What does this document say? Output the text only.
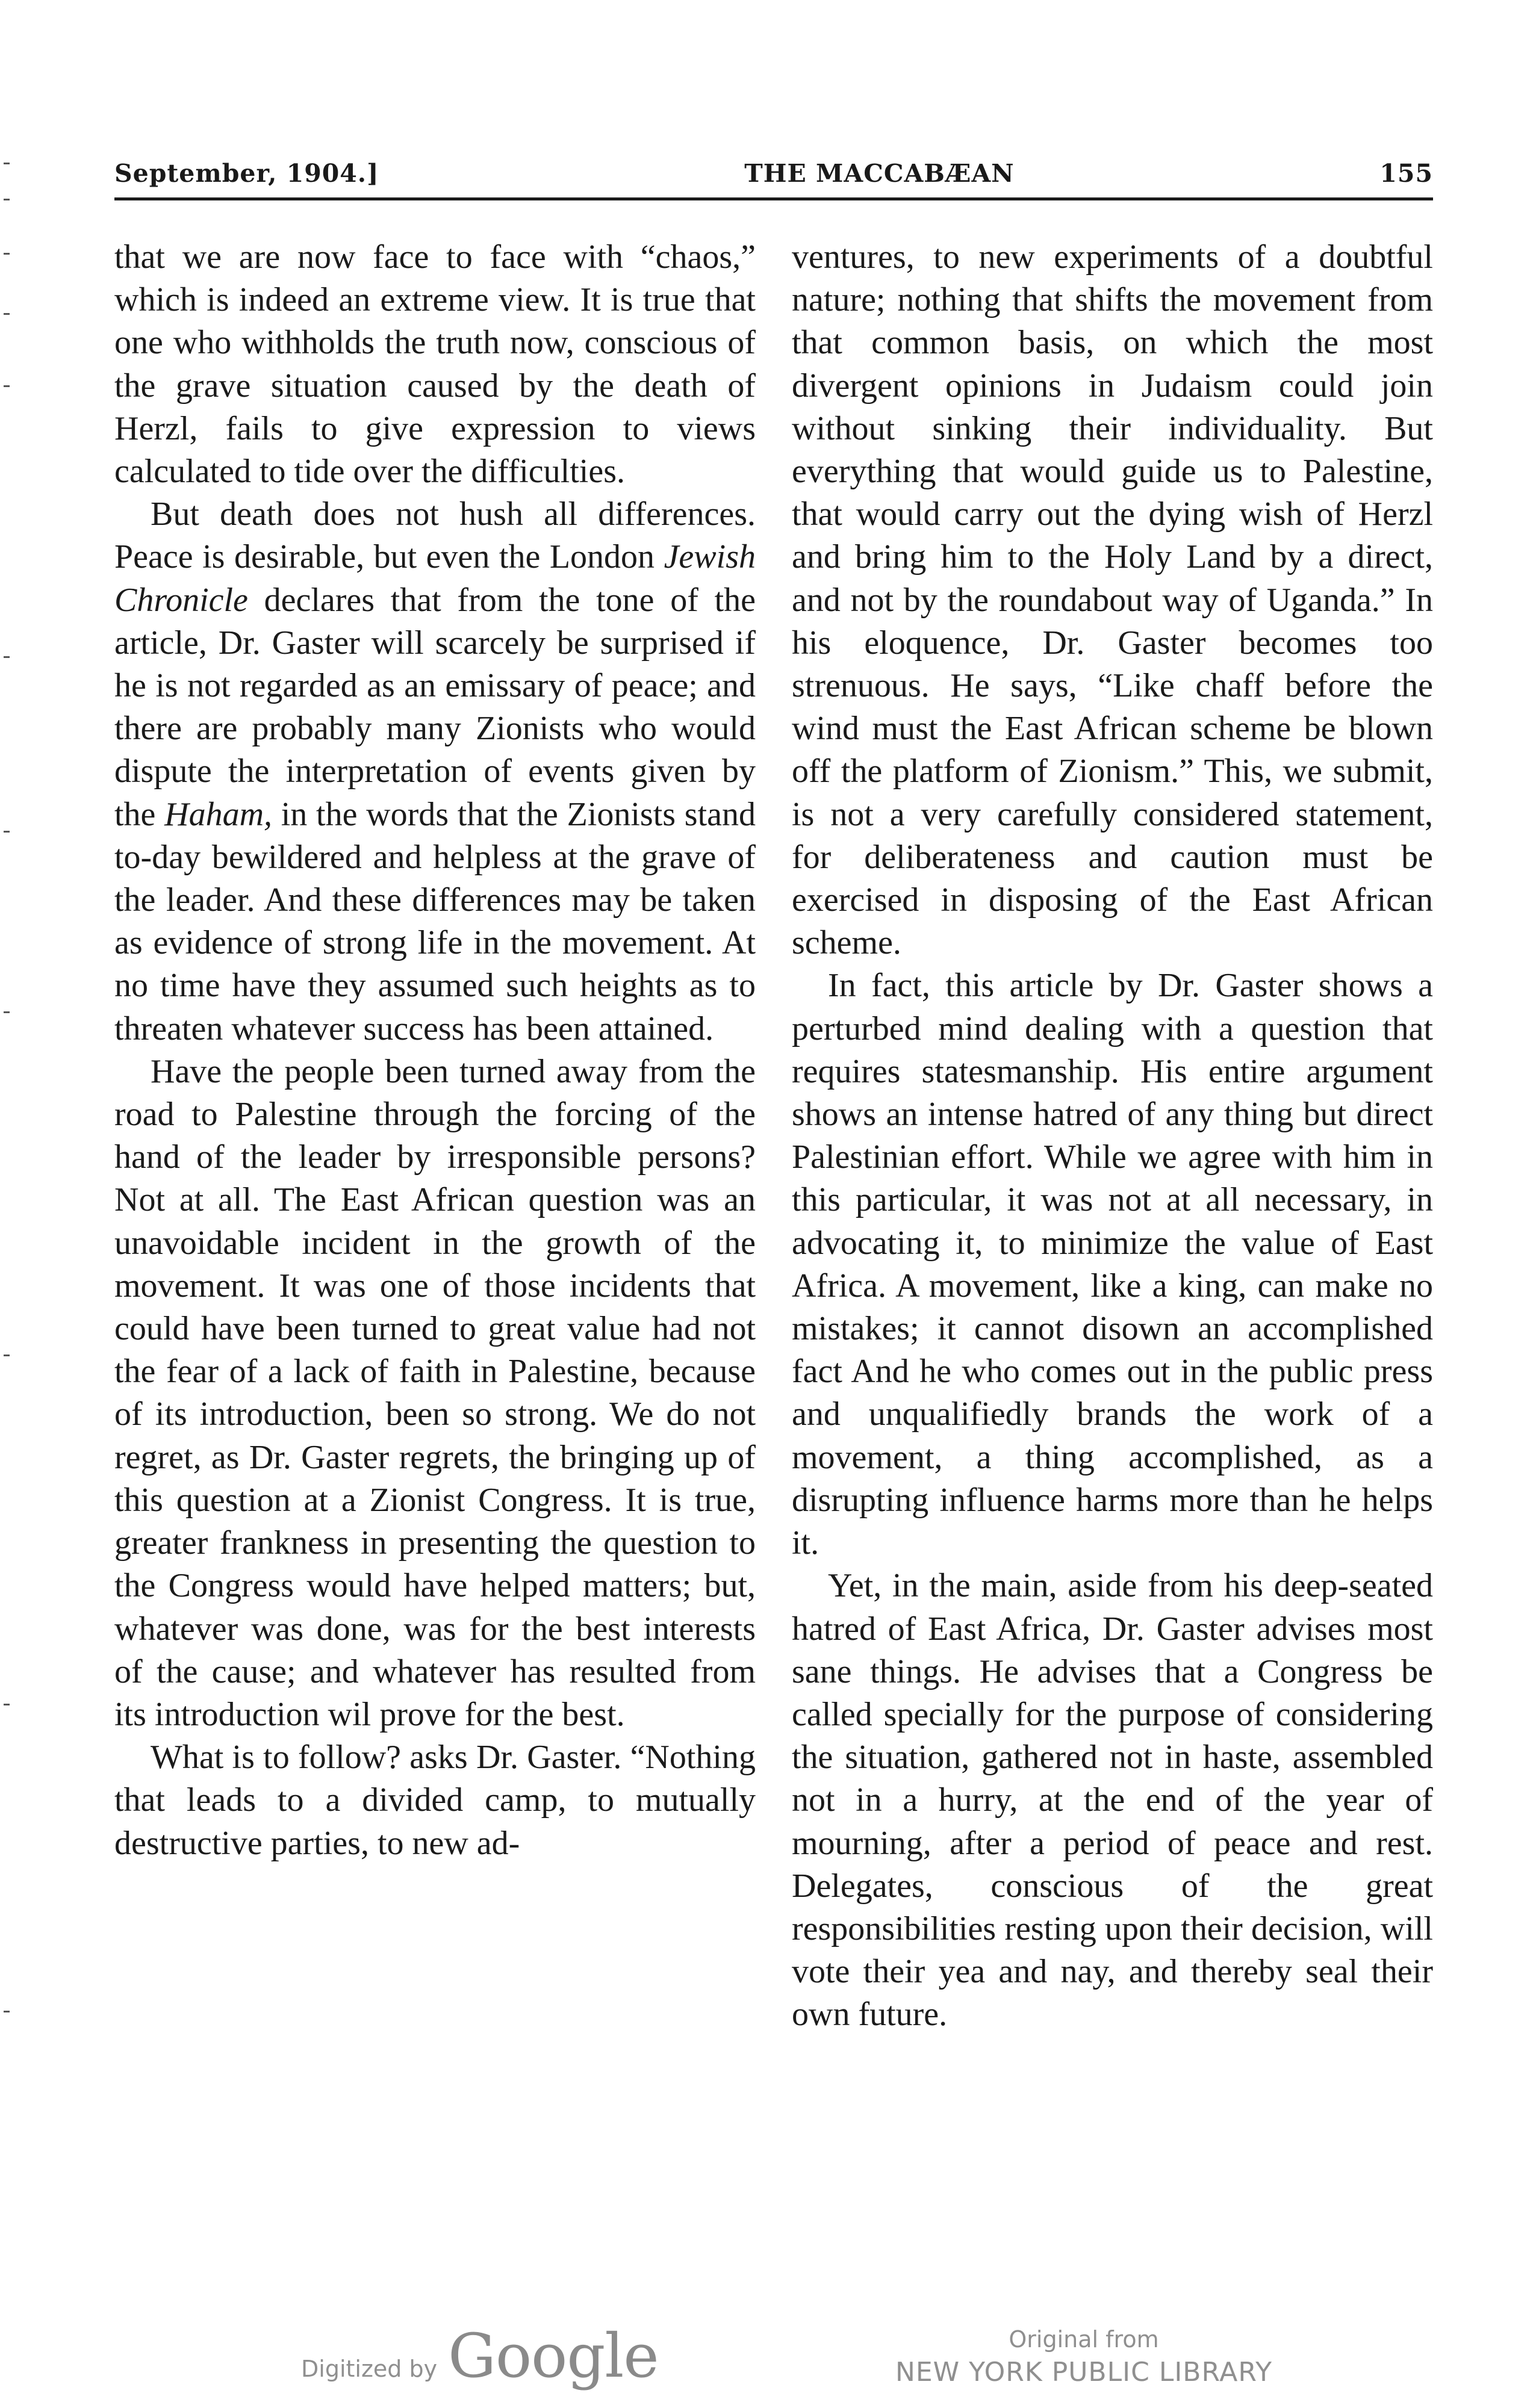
September, 1904.]	THE MACCABÆAN	155

that we are now face to face with “chaos,” which is indeed an extreme view. It is true that one who withholds the truth now, conscious of the grave situation caused by the death of Herzl, fails to give expression to views calculated to tide over the difficulties.

But death does not hush all differences. Peace is desirable, but even the London Jewish Chronicle declares that from the tone of the article, Dr. Gaster will scarcely be surprised if he is not regarded as an emissary of peace; and there are probably many Zionists who would dispute the interpretation of events given by the Haham, in the words that the Zionists stand to-day bewildered and helpless at the grave of the leader. And these differences may be taken as evidence of strong life in the movement. At no time have they assumed such heights as to threaten whatever success has been attained.

Have the people been turned away from the road to Palestine through the forcing of the hand of the leader by irresponsible persons? Not at all. The East African question was an unavoidable incident in the growth of the movement. It was one of those incidents that could have been turned to great value had not the fear of a lack of faith in Palestine, because of its introduction, been so strong. We do not regret, as Dr. Gaster regrets, the bringing up of this question at a Zionist Congress. It is true, greater frankness in presenting the question to the Congress would have helped matters; but, whatever was done, was for the best interests of the cause; and whatever has resulted from its introduction wil prove for the best.

What is to follow? asks Dr. Gaster. “Nothing that leads to a divided camp, to mutually destructive parties, to new ad-

ventures, to new experiments of a doubtful nature; nothing that shifts the movement from that common basis, on which the most divergent opinions in Judaism could join without sinking their individuality. But everything that would guide us to Palestine, that would carry out the dying wish of Herzl and bring him to the Holy Land by a direct, and not by the roundabout way of Uganda.” In his eloquence, Dr. Gaster becomes too strenuous. He says, “Like chaff before the wind must the East African scheme be blown off the platform of Zionism.” This, we submit, is not a very carefully considered statement, for deliberateness and caution must be exercised in disposing of the East African scheme.

In fact, this article by Dr. Gaster shows a perturbed mind dealing with a question that requires statesmanship. His entire argument shows an intense hatred of any thing but direct Palestinian effort. While we agree with him in this particular, it was not at all necessary, in advocating it, to minimize the value of East Africa. A movement, like a king, can make no mistakes; it cannot disown an accomplished fact And he who comes out in the public press and unqualifiedly brands the work of a movement, a thing accomplished, as a disrupting influence harms more than he helps it.

Yet, in the main, aside from his deep-seated hatred of East Africa, Dr. Gaster advises most sane things. He advises that a Congress be called specially for the purpose of considering the situation, gathered not in haste, assembled not in a hurry, at the end of the year of mourning, after a period of peace and rest. Delegates, conscious of the great responsibilities resting upon their decision, will vote their yea and nay, and thereby seal their own future.

Digitized by Google	Original from
NEW YORK PUBLIC LIBRARY
